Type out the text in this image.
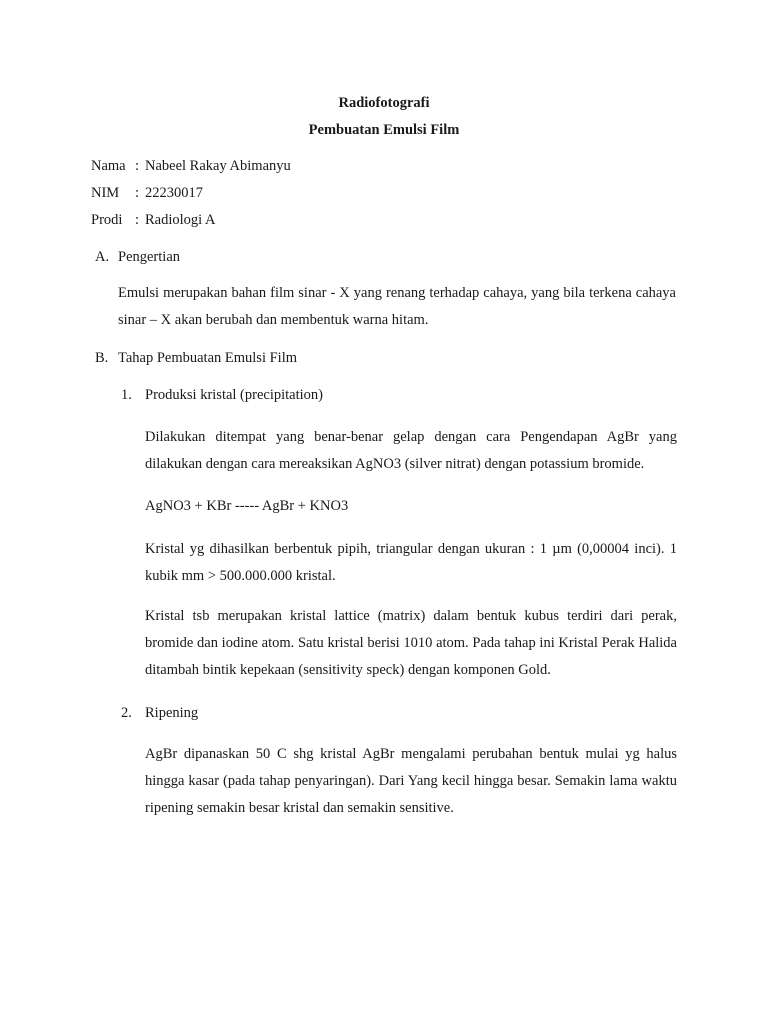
Radiofotografi
Pembuatan Emulsi Film
Nama : Nabeel Rakay Abimanyu
NIM : 22230017
Prodi : Radiologi A
A. Pengertian
Emulsi merupakan bahan film sinar - X yang renang terhadap cahaya, yang bila terkena cahaya sinar – X akan berubah dan membentuk warna hitam.
B. Tahap Pembuatan Emulsi Film
1. Produksi kristal (precipitation)
Dilakukan ditempat yang benar-benar gelap dengan cara Pengendapan AgBr yang dilakukan dengan cara mereaksikan AgNO3 (silver nitrat) dengan potassium bromide.
AgNO3 + KBr ----- AgBr + KNO3
Kristal yg dihasilkan berbentuk pipih, triangular dengan ukuran : 1 µm (0,00004 inci). 1 kubik mm > 500.000.000 kristal.
Kristal tsb merupakan kristal lattice (matrix) dalam bentuk kubus terdiri dari perak, bromide dan iodine atom. Satu kristal berisi 1010 atom. Pada tahap ini Kristal Perak Halida ditambah bintik kepekaan (sensitivity speck) dengan komponen Gold.
2. Ripening
AgBr dipanaskan 50 C shg kristal AgBr mengalami perubahan bentuk mulai yg halus hingga kasar (pada tahap penyaringan). Dari Yang kecil hingga besar. Semakin lama waktu ripening semakin besar kristal dan semakin sensitive.
